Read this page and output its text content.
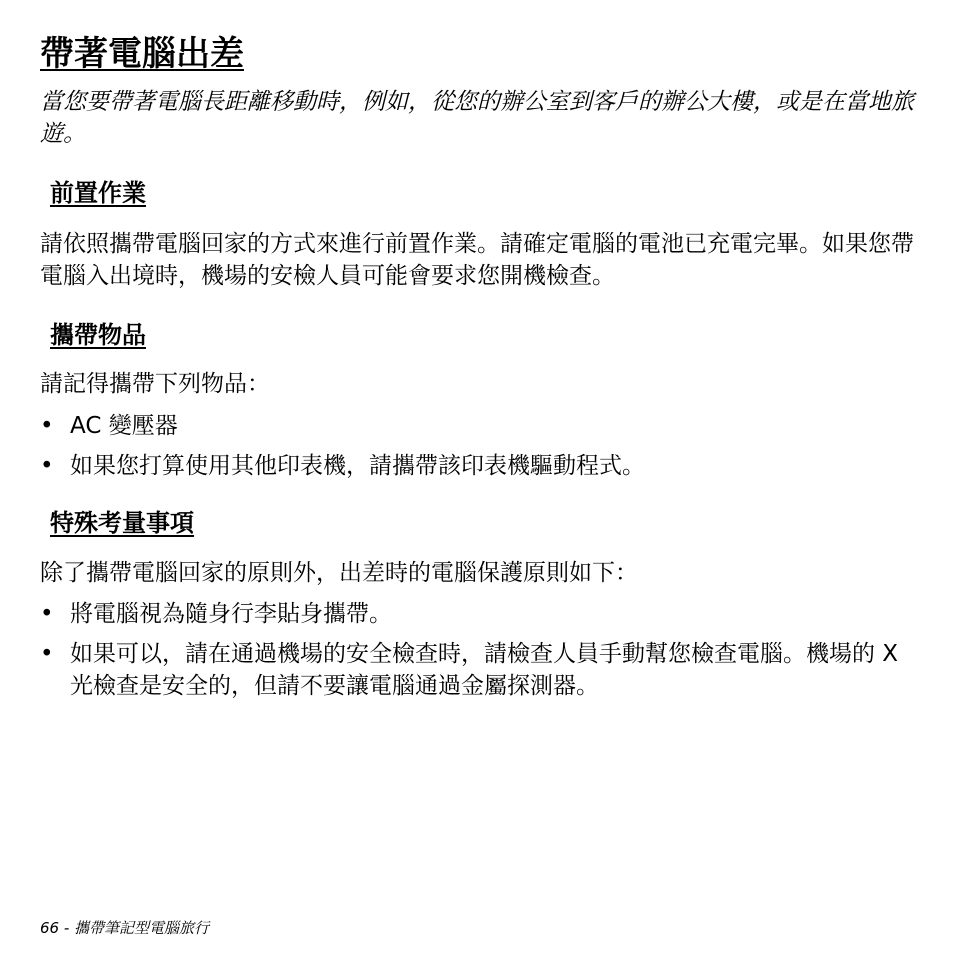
帶著電腦出差

當您要帶著電腦長距離移動時，例如，從您的辦公室到客戶的辦公大樓，或是在當地旅遊。

前置作業

請依照攜帶電腦回家的方式來進行前置作業。請確定電腦的電池已充電完畢。如果您帶電腦入出境時，機場的安檢人員可能會要求您開機檢查。

攜帶物品

請記得攜帶下列物品：

• AC 變壓器
• 如果您打算使用其他印表機，請攜帶該印表機驅動程式。
特殊考量事項

除了攜帶電腦回家的原則外，出差時的電腦保護原則如下：

• 將電腦視為隨身行李貼身攜帶。
• 如果可以，請在通過機場的安全檢查時，請檢查人員手動幫您檢查電腦。機場的 X 光檢查是安全的，但請不要讓電腦通過金屬探測器。

66 - 攜帶筆記型電腦旅行
